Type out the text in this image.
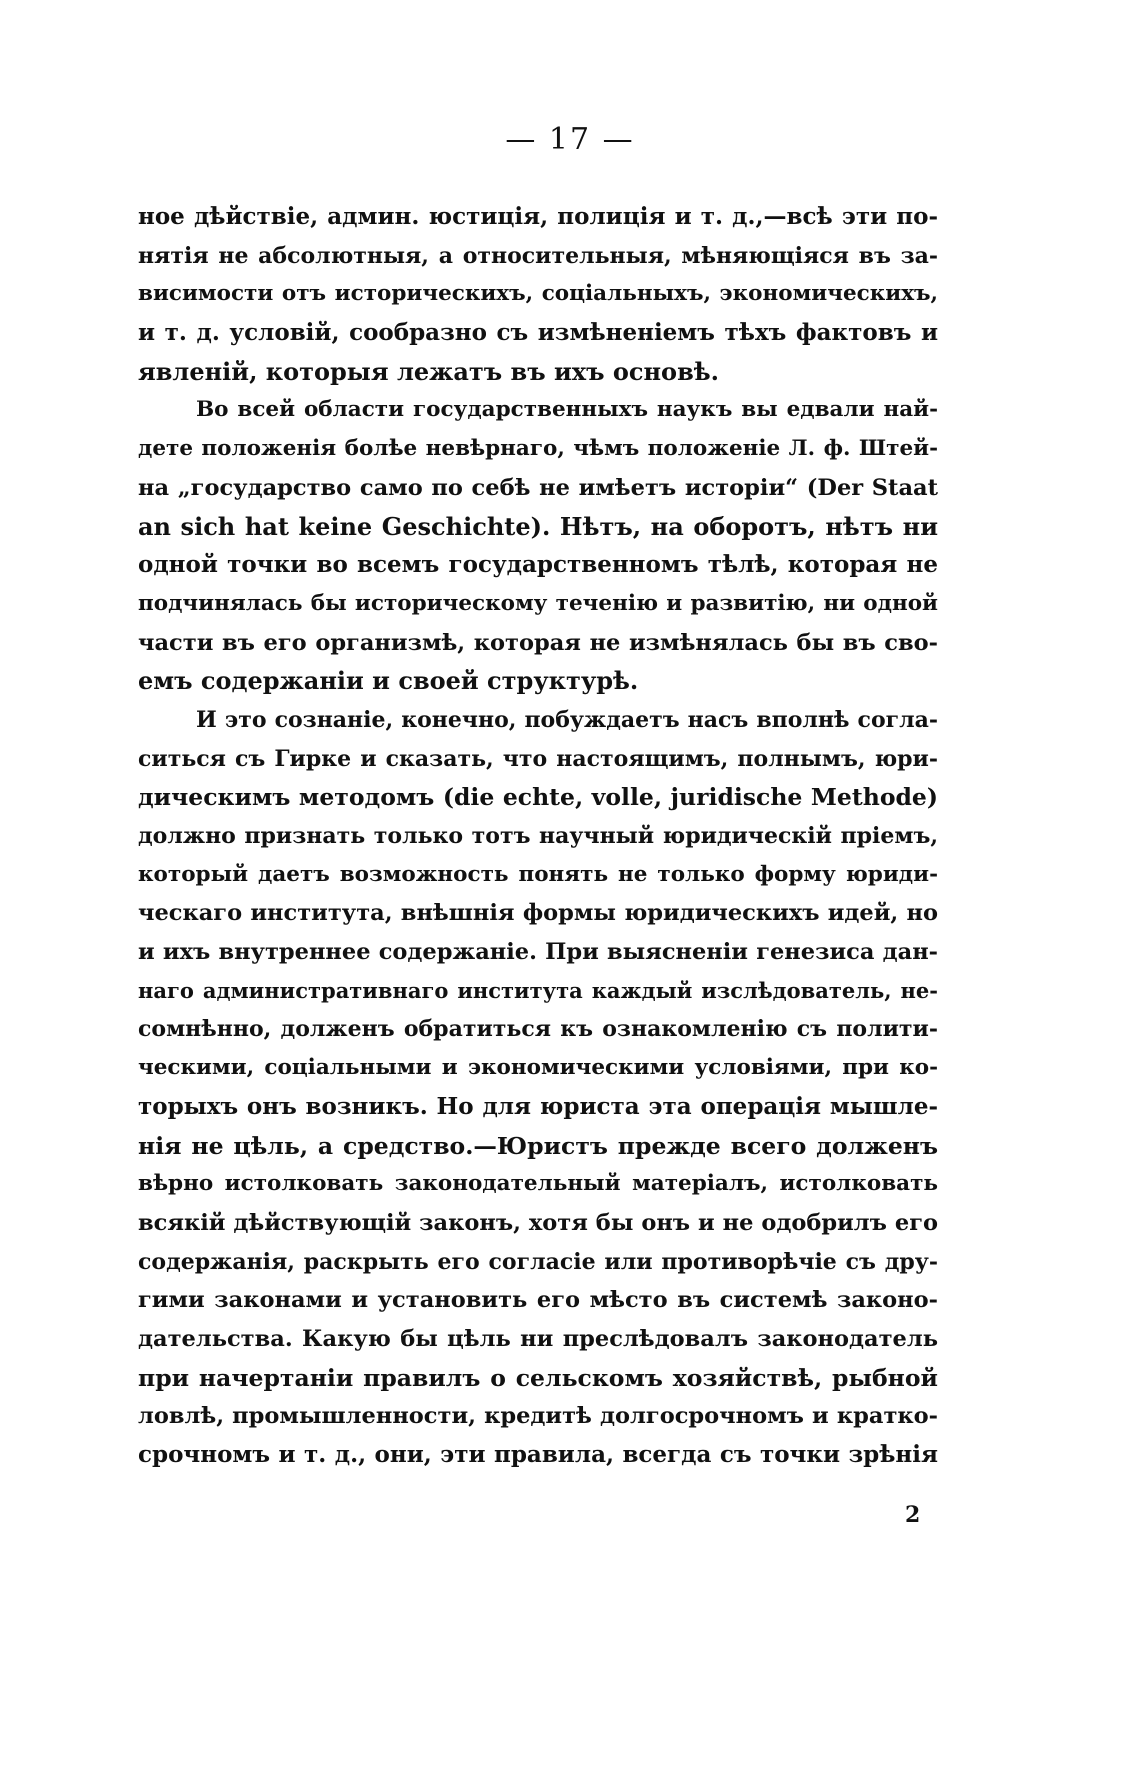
— 17 —
ное дѣйствіе, админ. юстиція, полиція и т. д.,—всѣ эти по-
нятія не абсолютныя, а относительныя, мѣняющіяся въ за-
висимости отъ историческихъ, соціальныхъ, экономическихъ,
и т. д. условій, сообразно съ измѣненіемъ тѣхъ фактовъ и
явленій, которыя лежатъ въ ихъ основѣ.
Во всей области государственныхъ наукъ вы едвали най-
дете положенія болѣе невѣрнаго, чѣмъ положеніе Л. ф. Штей-
на „государство само по себѣ не имѣетъ исторіи“ (Der Staat
an sich hat keine Geschichte). Нѣтъ, на оборотъ, нѣтъ ни
одной точки во всемъ государственномъ тѣлѣ, которая не
подчинялась бы историческому теченію и развитію, ни одной
части въ его организмѣ, которая не измѣнялась бы въ сво-
емъ содержаніи и своей структурѣ.
И это сознаніе, конечно, побуждаетъ насъ вполнѣ согла-
ситься съ Гирке и сказать, что настоящимъ, полнымъ, юри-
дическимъ методомъ (die echte, volle, juridische Methode)
должно признать только тотъ научный юридическій пріемъ,
который даетъ возможность понять не только форму юриди-
ческаго института, внѣшнія формы юридическихъ идей, но
и ихъ внутреннее содержаніе. При выясненіи генезиса дан-
наго административнаго института каждый изслѣдователь, не-
сомнѣнно, долженъ обратиться къ ознакомленію съ полити-
ческими, соціальными и экономическими условіями, при ко-
торыхъ онъ возникъ. Но для юриста эта операція мышле-
нія не цѣль, а средство.—Юристъ прежде всего долженъ
вѣрно истолковать законодательный матеріалъ, истолковать
всякій дѣйствующій законъ, хотя бы онъ и не одобрилъ его
содержанія, раскрыть его согласіе или противорѣчіе съ дру-
гими законами и установить его мѣсто въ системѣ законо-
дательства. Какую бы цѣль ни преслѣдовалъ законодатель
при начертаніи правилъ о сельскомъ хозяйствѣ, рыбной
ловлѣ, промышленности, кредитѣ долгосрочномъ и кратко-
срочномъ и т. д., они, эти правила, всегда съ точки зрѣнія
2
